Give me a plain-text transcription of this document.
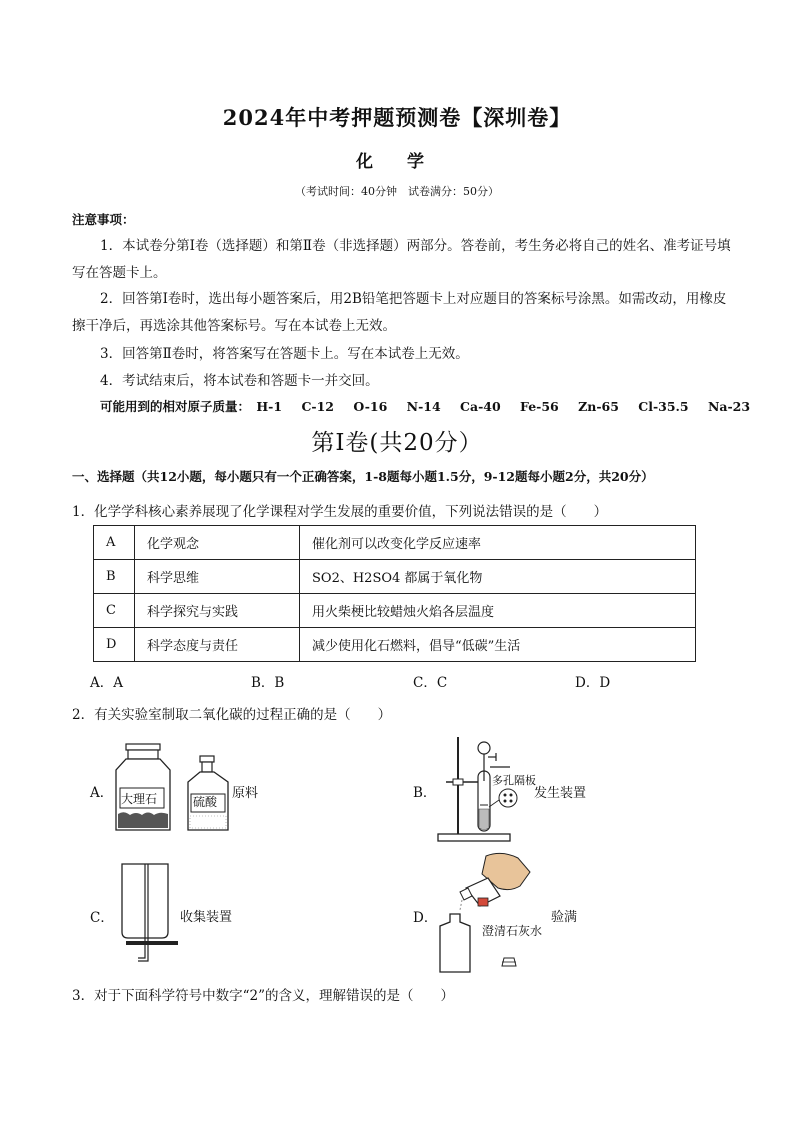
2024年中考押题预测卷【深圳卷】
化 学
（考试时间：40分钟　试卷满分：50分）
注意事项：
1．本试卷分第Ⅰ卷（选择题）和第Ⅱ卷（非选择题）两部分。答卷前，考生务必将自己的姓名、准考证号填写在答题卡上。
2．回答第Ⅰ卷时，选出每小题答案后，用2B铅笔把答题卡上对应题目的答案标号涂黑。如需改动，用橡皮擦干净后，再选涂其他答案标号。写在本试卷上无效。
3．回答第Ⅱ卷时，将答案写在答题卡上。写在本试卷上无效。
4．考试结束后，将本试卷和答题卡一并交回。
可能用到的相对原子质量： H-1 C-12 O-16 N-14 Ca-40 Fe-56 Zn-65 Cl-35.5 Na-23
第Ⅰ卷(共20分）
一、选择题（共12小题，每小题只有一个正确答案，1-8题每小题1.5分，9-12题每小题2分，共20分）
1．化学学科核心素养展现了化学课程对学生发展的重要价值，下列说法错误的是（　　）
A	化学观念	催化剂可以改变化学反应速率
B	科学思维	SO2、H2SO4 都属于氧化物
C	科学探究与实践	用火柴梗比较蜡烛火焰各层温度
D	科学态度与责任	减少使用化石燃料，倡导“低碳”生活
A．A	B．B	C．C	D．D
2．有关实验室制取二氧化碳的过程正确的是（　　）
A． 大理石	硫酸
原料	B．
多孔隔板
发生装置
C．	收集装置	D．
澄清石灰水
验满
3．对于下面科学符号中数字“2”的含义，理解错误的是（　　）
